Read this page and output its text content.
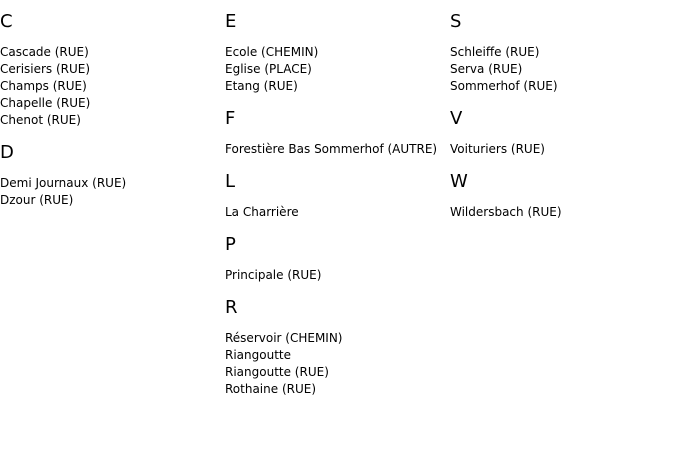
C
Cascade (RUE)
Cerisiers (RUE)
Champs (RUE)
Chapelle (RUE)
Chenot (RUE)
D
Demi Journaux (RUE)
Dzour (RUE)
E
Ecole (CHEMIN)
Eglise (PLACE)
Etang (RUE)
F
Forestière Bas Sommerhof (AUTRE)
L
La Charrière
P
Principale (RUE)
R
Réservoir (CHEMIN)
Riangoutte
Riangoutte (RUE)
Rothaine (RUE)
S
Schleiffe (RUE)
Serva (RUE)
Sommerhof (RUE)
V
Voituriers (RUE)
W
Wildersbach (RUE)
